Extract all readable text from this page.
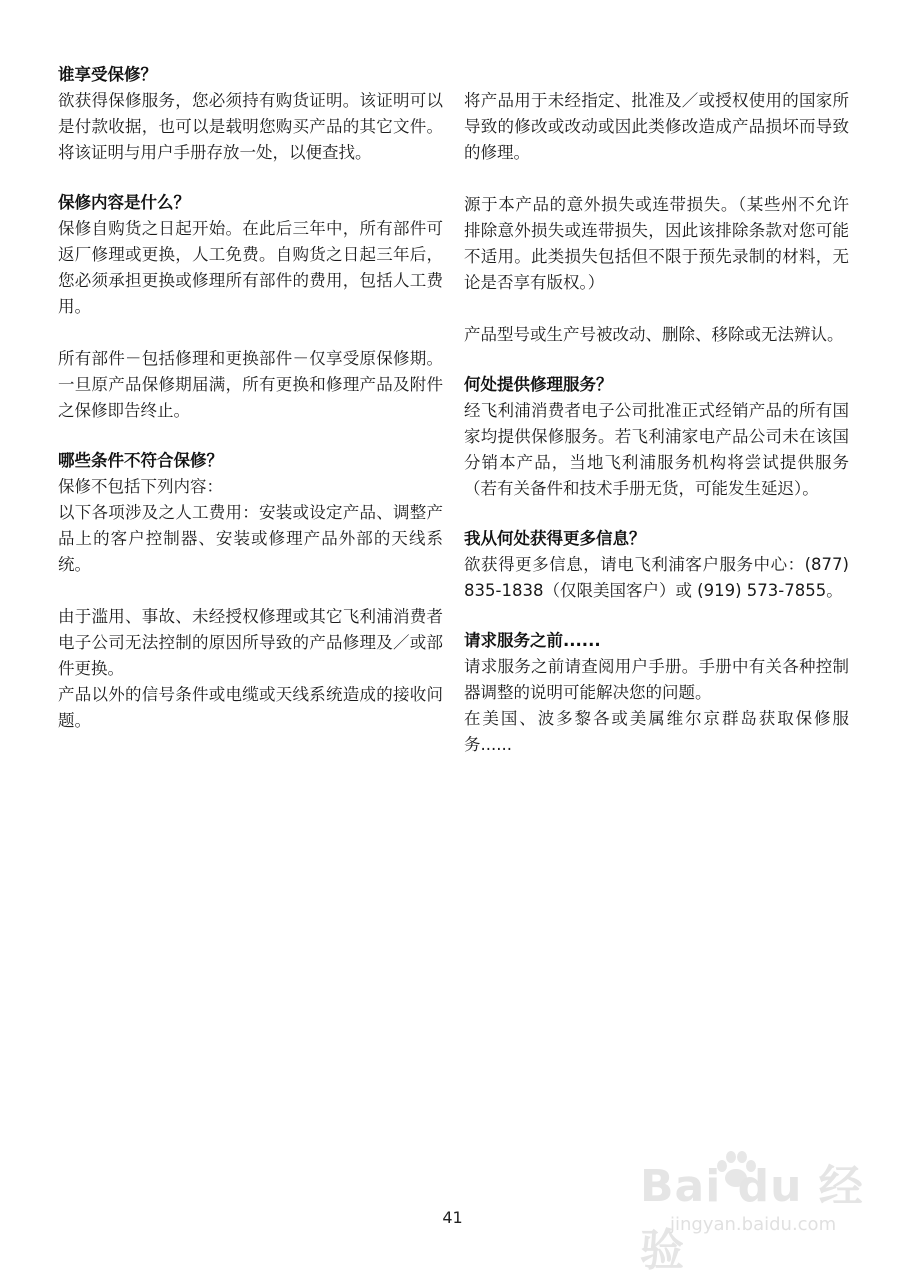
谁享受保修？
欲获得保修服务，您必须持有购货证明。该证明可以是付款收据，也可以是载明您购买产品的其它文件。将该证明与用户手册存放一处，以便查找。
保修内容是什么？
保修自购货之日起开始。在此后三年中，所有部件可返厂修理或更换，人工免费。自购货之日起三年后，您必须承担更换或修理所有部件的费用，包括人工费用。
所有部件－包括修理和更换部件－仅享受原保修期。一旦原产品保修期届满，所有更换和修理产品及附件之保修即告终止。
哪些条件不符合保修？
保修不包括下列内容：
以下各项涉及之人工费用：安装或设定产品、调整产品上的客户控制器、安装或修理产品外部的天线系统。
由于滥用、事故、未经授权修理或其它飞利浦消费者电子公司无法控制的原因所导致的产品修理及／或部件更换。
产品以外的信号条件或电缆或天线系统造成的接收问题。
将产品用于未经指定、批准及／或授权使用的国家所导致的修改或改动或因此类修改造成产品损坏而导致的修理。
源于本产品的意外损失或连带损失。（某些州不允许排除意外损失或连带损失，因此该排除条款对您可能不适用。此类损失包括但不限于预先录制的材料，无论是否享有版权。）
产品型号或生产号被改动、删除、移除或无法辨认。
何处提供修理服务？
经飞利浦消费者电子公司批准正式经销产品的所有国家均提供保修服务。若飞利浦家电产品公司未在该国分销本产品，当地飞利浦服务机构将尝试提供服务（若有关备件和技术手册无货，可能发生延迟）。
我从何处获得更多信息？
欲获得更多信息，请电飞利浦客户服务中心：(877) 835-1838（仅限美国客户）或 (919) 573-7855。
请求服务之前......
请求服务之前请查阅用户手册。手册中有关各种控制器调整的说明可能解决您的问题。
在美国、波多黎各或美属维尔京群岛获取保修服务......
41
Bai du 经验
jingyan.baidu.com
